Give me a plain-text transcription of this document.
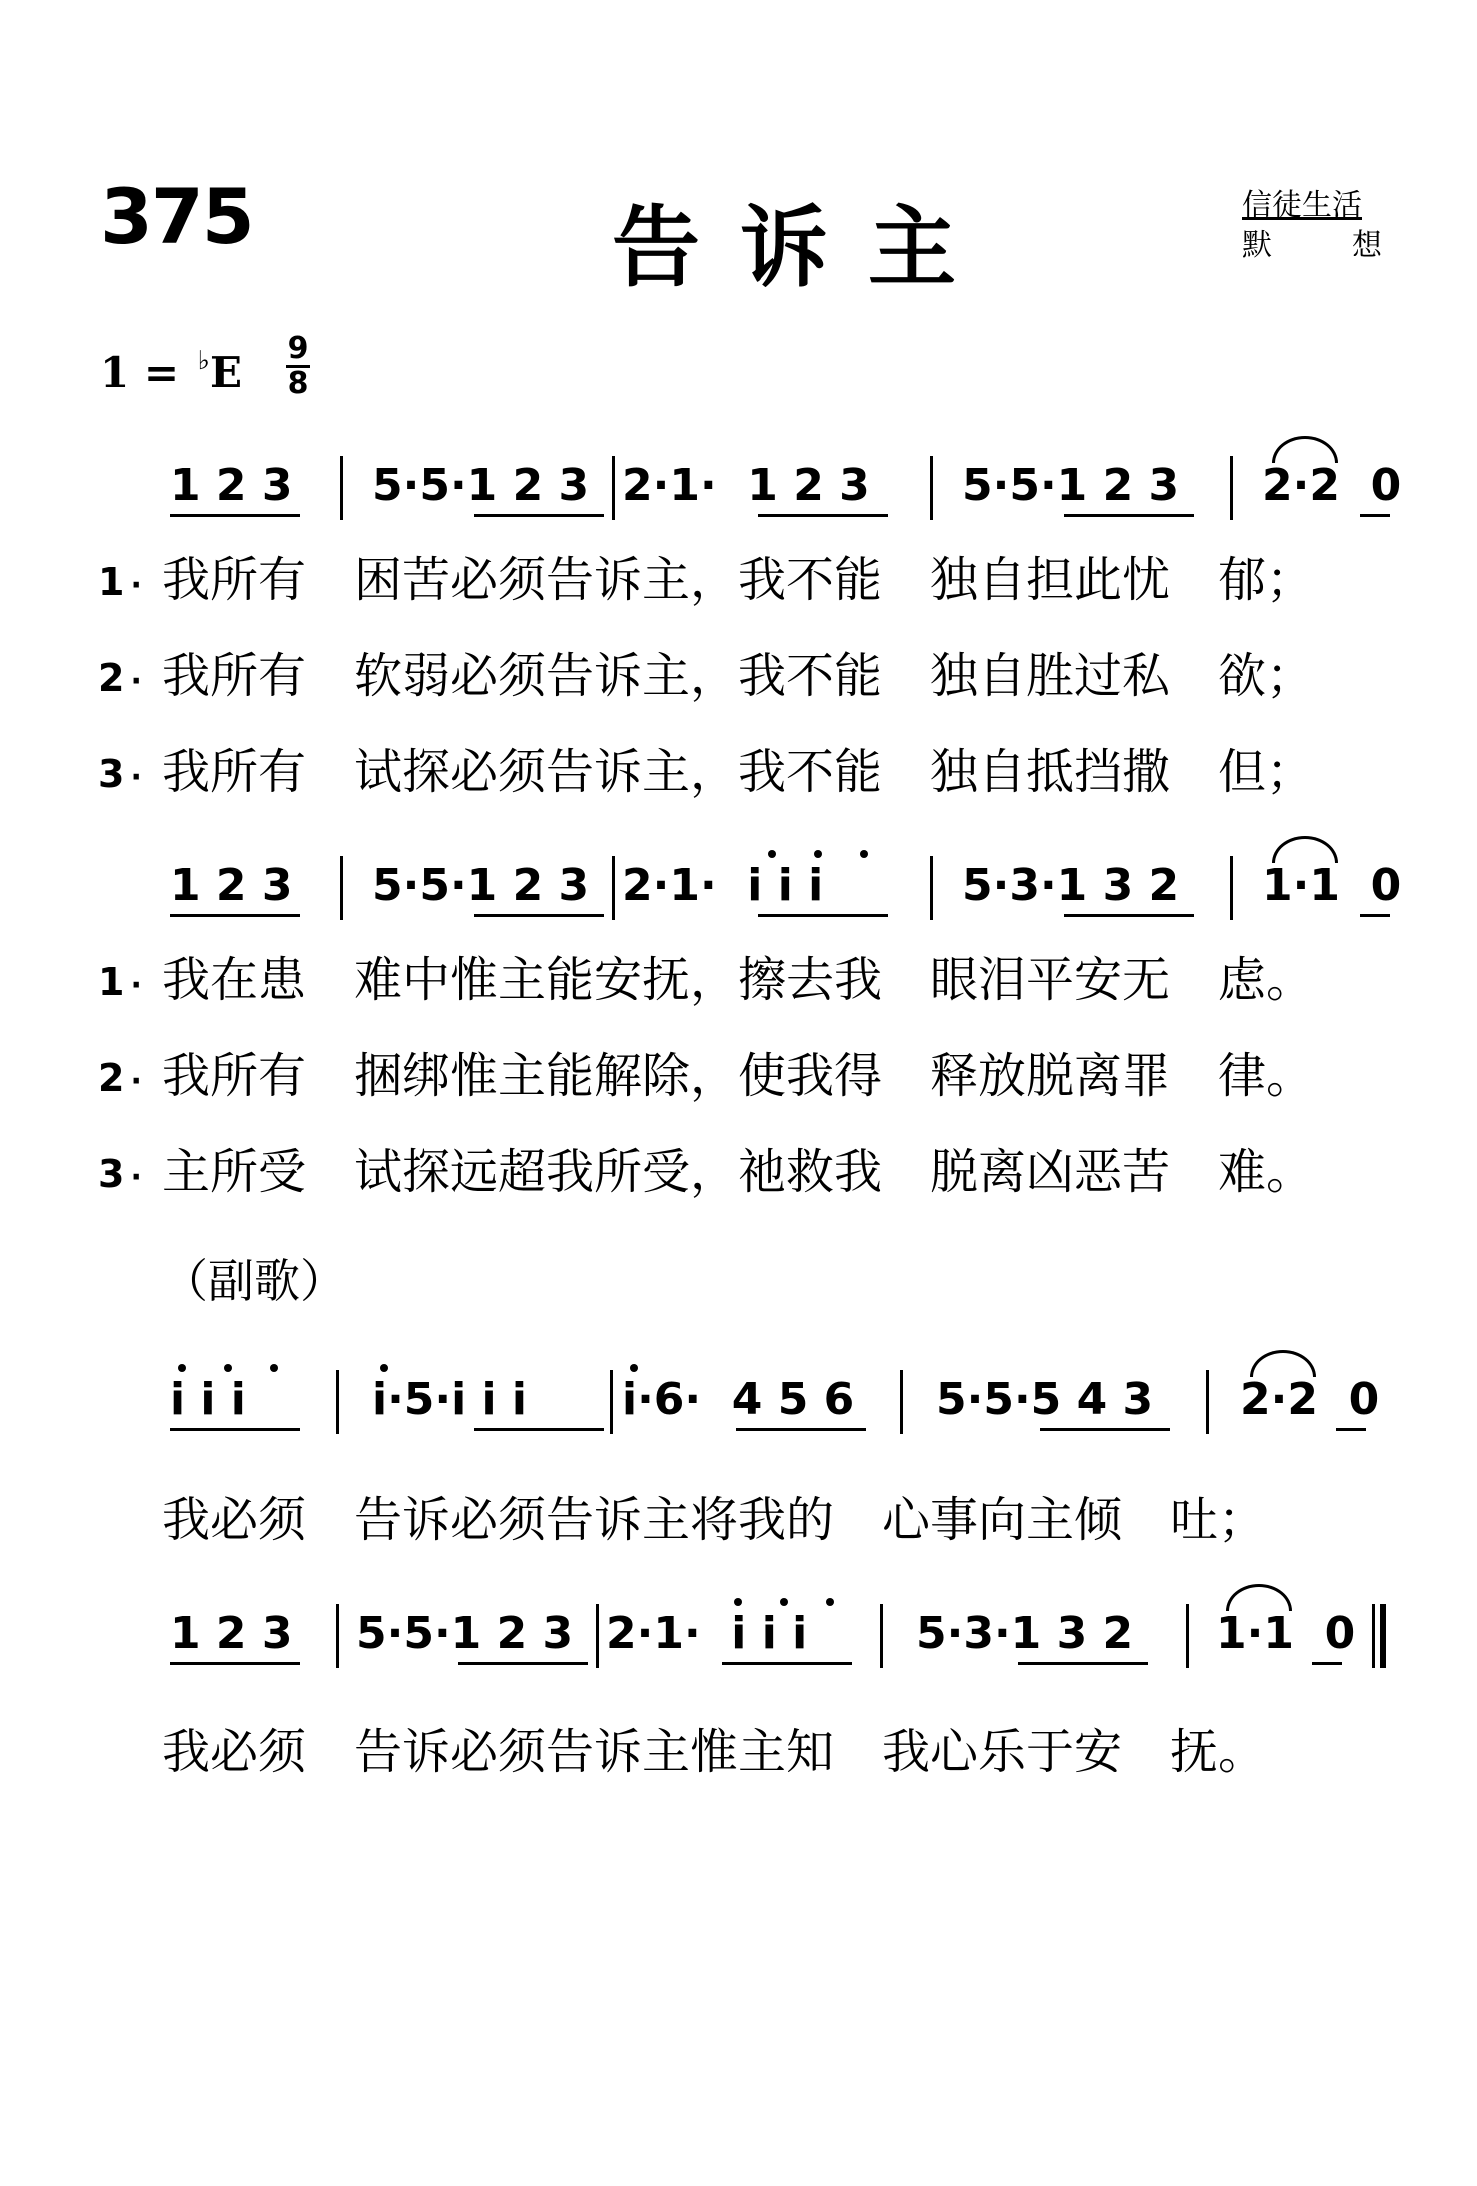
375	告诉主	信徒生活
默	想
1 = ♭E 9
8
1 2 3 5·5·1 2 3 2·1·  1 2 3 5·5·1 2 3 2·2  0
1 · 我所有　困苦必须告诉主，我不能　独自担此忧　郁；
2 · 我所有　软弱必须告诉主，我不能　独自胜过私　欲；
3 · 我所有　试探必须告诉主，我不能　独自抵挡撒　但；
1 2 3 5·5·1 2 3 2·1·  i i i	5·3·1 3 2 1·1  0
1 · 我在患　难中惟主能安抚，擦去我　眼泪平安无　虑。
2 · 我所有　捆绑惟主能解除，使我得　释放脱离罪　律。
3 · 主所受　试探远超我所受，祂救我　脱离凶恶苦　难。
（副歌）
i i i	i·5·i i i i·6·  4 5 6 5·5·5 4 3 2·2  0
我必须　告诉必须告诉主将我的　心事向主倾　吐；
1 2 3 5·5·1 2 3 2·1·  i i i 5·3·1 3 2 1·1  0
我必须　告诉必须告诉主惟主知　我心乐于安　抚。
